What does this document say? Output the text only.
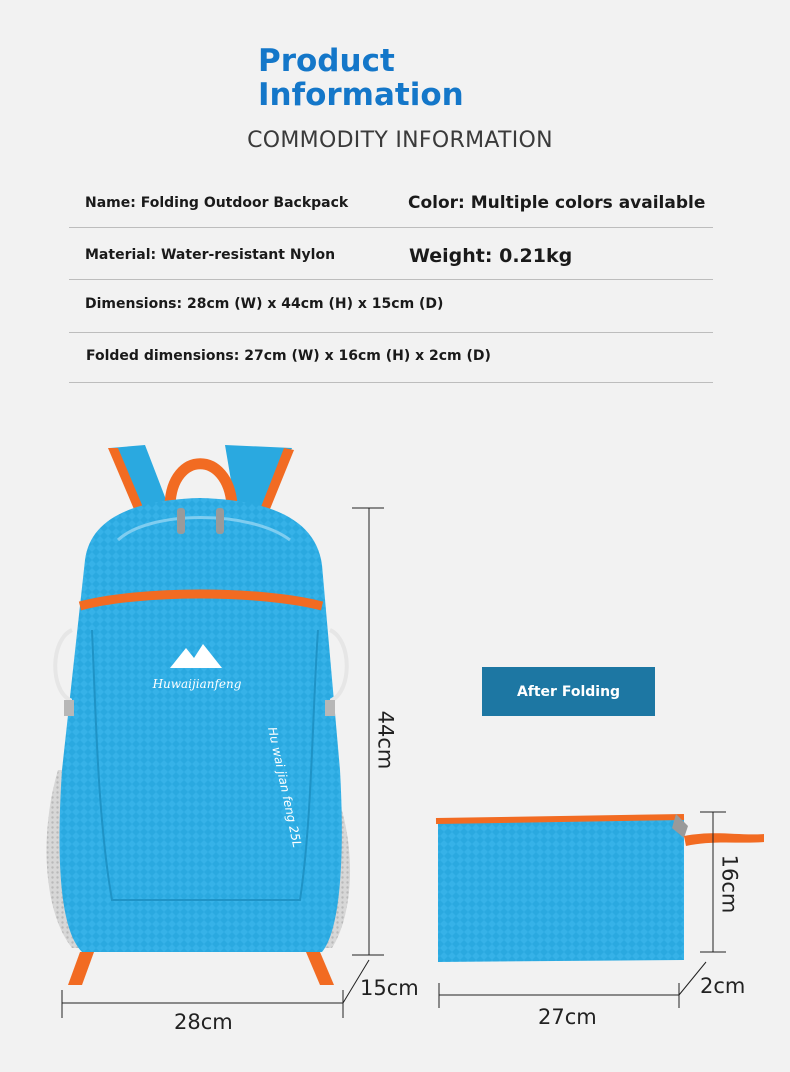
Product
Information
COMMODITY INFORMATION
Name: Folding Outdoor Backpack	Color: Multiple colors available
Material: Water-resistant Nylon	Weight: 0.21kg
Dimensions: 28cm (W) x 44cm (H) x 15cm (D)
Folded dimensions: 27cm (W) x 16cm (H) x 2cm (D)
Huwaijianfeng
Hu wai jian feng 25L
After Folding
44cm
28cm
15cm
16cm
27cm
2cm
